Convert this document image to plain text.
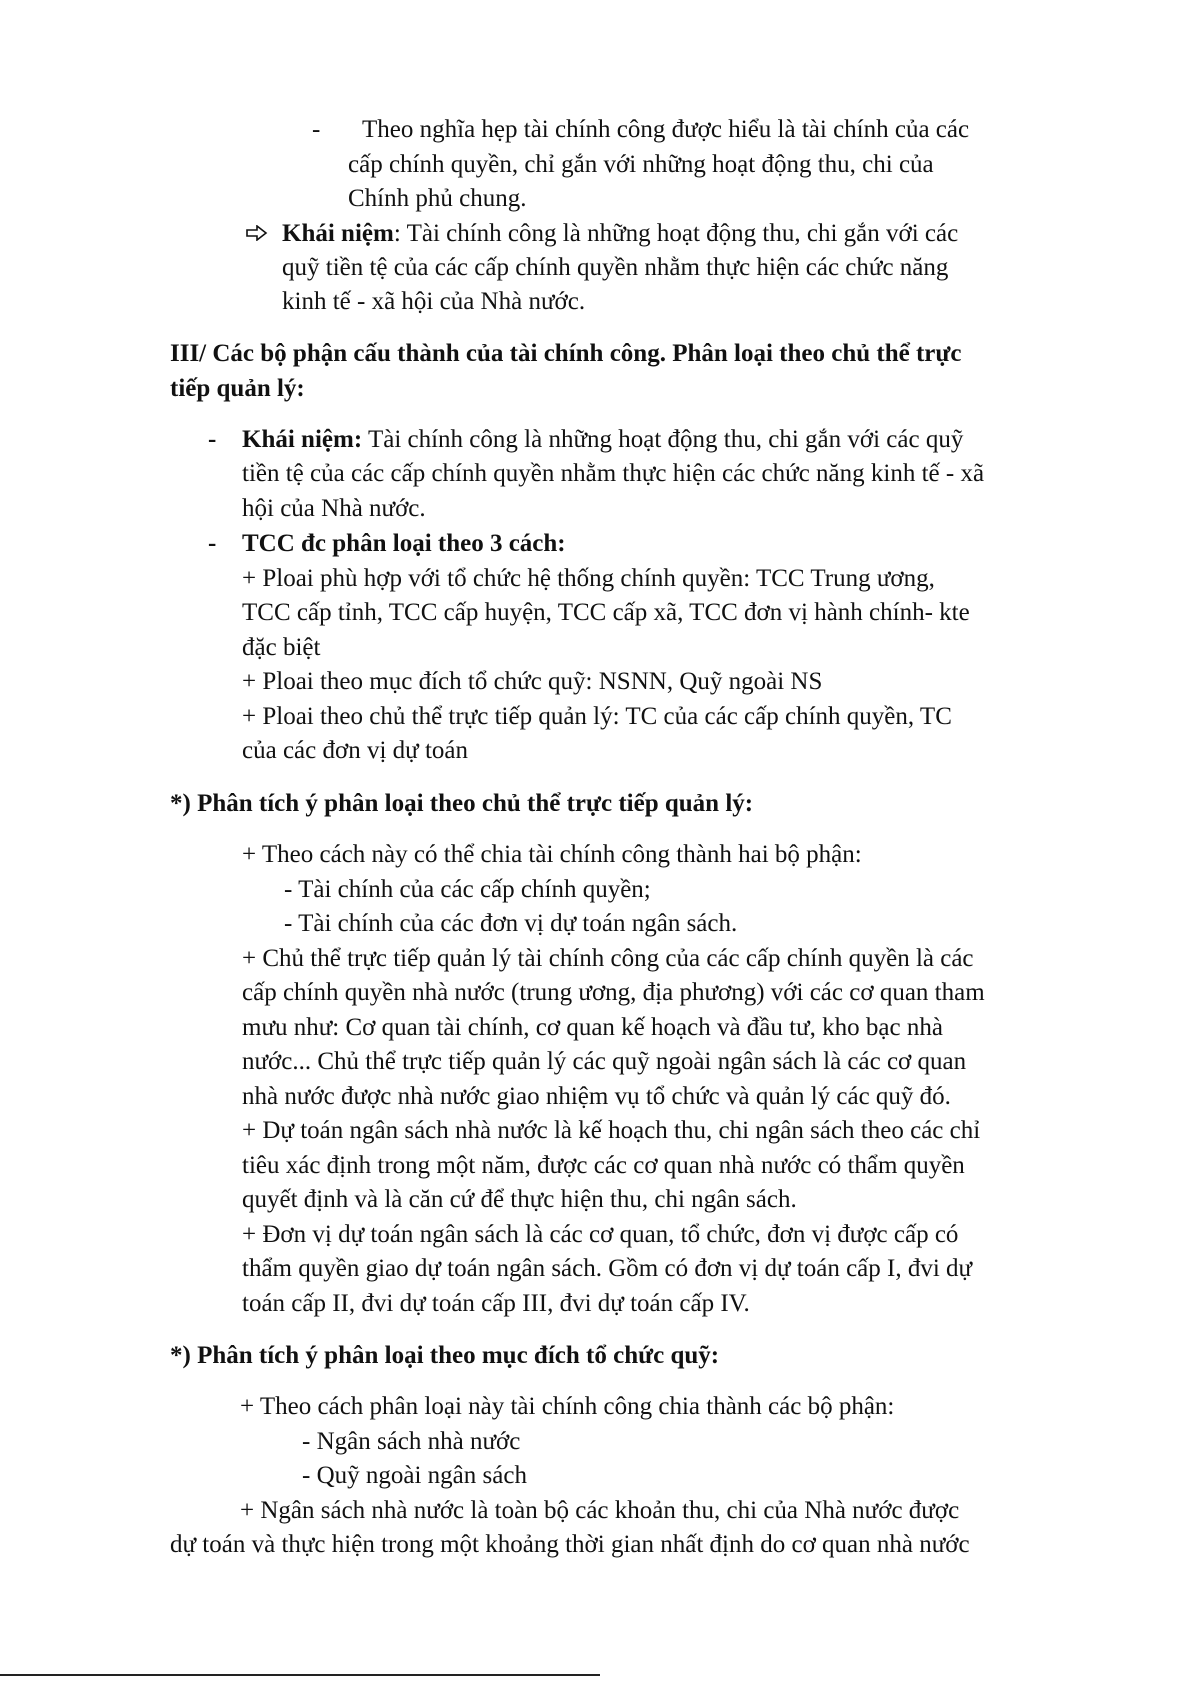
- Theo nghĩa hẹp tài chính công được hiểu là tài chính của các
cấp chính quyền, chỉ gắn với những hoạt động thu, chi của
Chính phủ chung.
Khái niệm: Tài chính công là những hoạt động thu, chi gắn với các
quỹ tiền tệ của các cấp chính quyền nhằm thực hiện các chức năng
kinh tế - xã hội của Nhà nước.
III/ Các bộ phận cấu thành của tài chính công. Phân loại theo chủ thể trực
tiếp quản lý:
- Khái niệm: Tài chính công là những hoạt động thu, chi gắn với các quỹ
tiền tệ của các cấp chính quyền nhằm thực hiện các chức năng kinh tế - xã
hội của Nhà nước.
- TCC đc phân loại theo 3 cách:
+ Ploai phù hợp với tổ chức hệ thống chính quyền: TCC Trung ương,
TCC cấp tỉnh, TCC cấp huyện, TCC cấp xã, TCC đơn vị hành chính- kte
đặc biệt
+ Ploai theo mục đích tổ chức quỹ: NSNN, Quỹ ngoài NS
+ Ploai theo chủ thể trực tiếp quản lý: TC của các cấp chính quyền, TC
của các đơn vị dự toán
*) Phân tích ý phân loại theo chủ thể trực tiếp quản lý:
+ Theo cách này có thể chia tài chính công thành hai bộ phận:
- Tài chính của các cấp chính quyền;
- Tài chính của các đơn vị dự toán ngân sách.
+ Chủ thể trực tiếp quản lý tài chính công của các cấp chính quyền là các
cấp chính quyền nhà nước (trung ương, địa phương) với các cơ quan tham
mưu như: Cơ quan tài chính, cơ quan kế hoạch và đầu tư, kho bạc nhà
nước... Chủ thể trực tiếp quản lý các quỹ ngoài ngân sách là các cơ quan
nhà nước được nhà nước giao nhiệm vụ tổ chức và quản lý các quỹ đó.
+ Dự toán ngân sách nhà nước là kế hoạch thu, chi ngân sách theo các chỉ
tiêu xác định trong một năm, được các cơ quan nhà nước có thẩm quyền
quyết định và là căn cứ để thực hiện thu, chi ngân sách.
+ Đơn vị dự toán ngân sách là các cơ quan, tổ chức, đơn vị được cấp có
thẩm quyền giao dự toán ngân sách. Gồm có đơn vị dự toán cấp I, đvi dự
toán cấp II, đvi dự toán cấp III, đvi dự toán cấp IV.
*) Phân tích ý phân loại theo mục đích tổ chức quỹ:
+ Theo cách phân loại này tài chính công chia thành các bộ phận:
- Ngân sách nhà nước
- Quỹ ngoài ngân sách
+ Ngân sách nhà nước là toàn bộ các khoản thu, chi của Nhà nước được
dự toán và thực hiện trong một khoảng thời gian nhất định do cơ quan nhà nước
